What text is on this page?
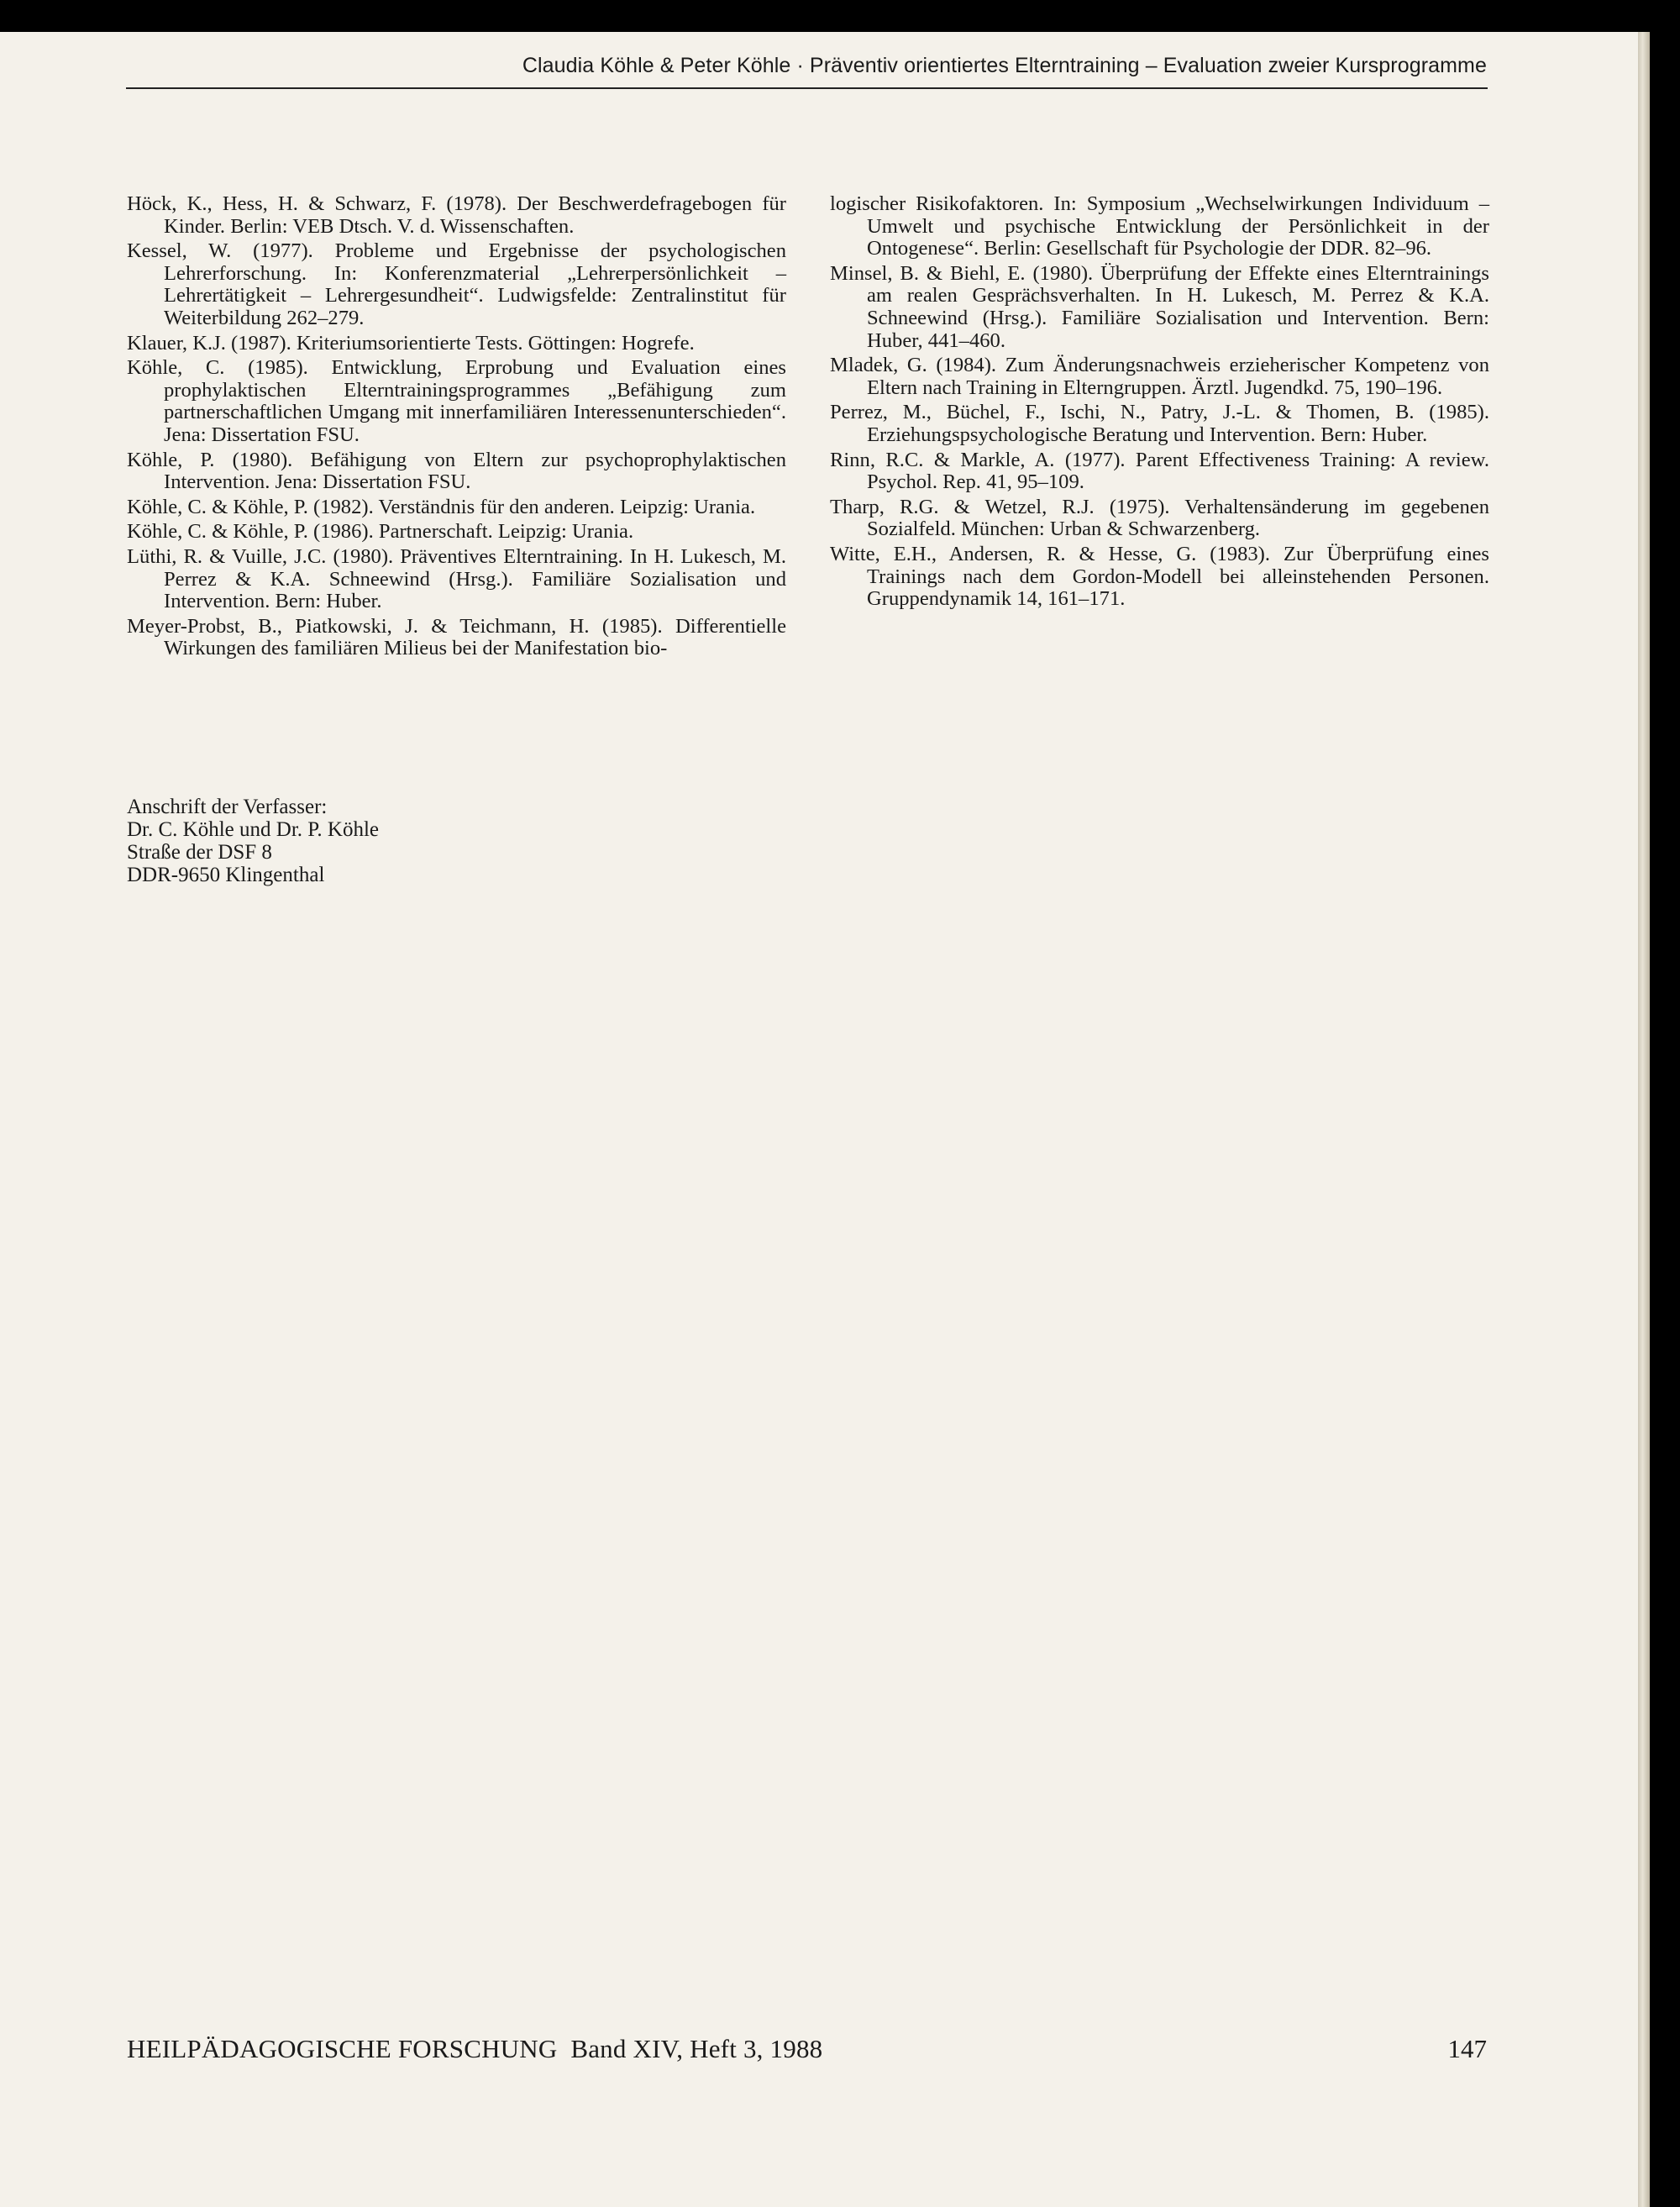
Claudia Köhle & Peter Köhle · Präventiv orientiertes Elterntraining – Evaluation zweier Kursprogramme

Höck, K., Hess, H. & Schwarz, F. (1978). Der Beschwerdefragebogen für Kinder. Berlin: VEB Dtsch. V. d. Wissenschaften.

Kessel, W. (1977). Probleme und Ergebnisse der psychologischen Lehrerforschung. In: Konferenzmaterial „Lehrerpersönlichkeit – Lehrertätigkeit – Lehrergesundheit“. Ludwigsfelde: Zentralinstitut für Weiterbildung 262–279.

Klauer, K.J. (1987). Kriteriumsorientierte Tests. Göttingen: Hogrefe.

Köhle, C. (1985). Entwicklung, Erprobung und Evaluation eines prophylaktischen Elterntrainingsprogrammes „Befähigung zum partnerschaftlichen Umgang mit innerfamiliären Interessenunterschieden“. Jena: Dissertation FSU.

Köhle, P. (1980). Befähigung von Eltern zur psychoprophylaktischen Intervention. Jena: Dissertation FSU.

Köhle, C. & Köhle, P. (1982). Verständnis für den anderen. Leipzig: Urania.

Köhle, C. & Köhle, P. (1986). Partnerschaft. Leipzig: Urania.

Lüthi, R. & Vuille, J.C. (1980). Präventives Elterntraining. In H. Lukesch, M. Perrez & K.A. Schneewind (Hrsg.). Familiäre Sozialisation und Intervention. Bern: Huber.

Meyer-Probst, B., Piatkowski, J. & Teichmann, H. (1985). Differentielle Wirkungen des familiären Milieus bei der Manifestation bio-

logischer Risikofaktoren. In: Symposium „Wechselwirkungen Individuum – Umwelt und psychische Entwicklung der Persönlichkeit in der Ontogenese“. Berlin: Gesellschaft für Psychologie der DDR. 82–96.

Minsel, B. & Biehl, E. (1980). Überprüfung der Effekte eines Elterntrainings am realen Gesprächsverhalten. In H. Lukesch, M. Perrez & K.A. Schneewind (Hrsg.). Familiäre Sozialisation und Intervention. Bern: Huber, 441–460.

Mladek, G. (1984). Zum Änderungsnachweis erzieherischer Kompetenz von Eltern nach Training in Elterngruppen. Ärztl. Jugendkd. 75, 190–196.

Perrez, M., Büchel, F., Ischi, N., Patry, J.-L. & Thomen, B. (1985). Erziehungspsychologische Beratung und Intervention. Bern: Huber.

Rinn, R.C. & Markle, A. (1977). Parent Effectiveness Training: A review. Psychol. Rep. 41, 95–109.

Tharp, R.G. & Wetzel, R.J. (1975). Verhaltensänderung im gegebenen Sozialfeld. München: Urban & Schwarzenberg.

Witte, E.H., Andersen, R. & Hesse, G. (1983). Zur Überprüfung eines Trainings nach dem Gordon-Modell bei alleinstehenden Personen. Gruppendynamik 14, 161–171.

Anschrift der Verfasser:
Dr. C. Köhle und Dr. P. Köhle
Straße der DSF 8
DDR-9650 Klingenthal
HEILPÄDAGOGISCHE FORSCHUNG  Band XIV, Heft 3, 1988	147
